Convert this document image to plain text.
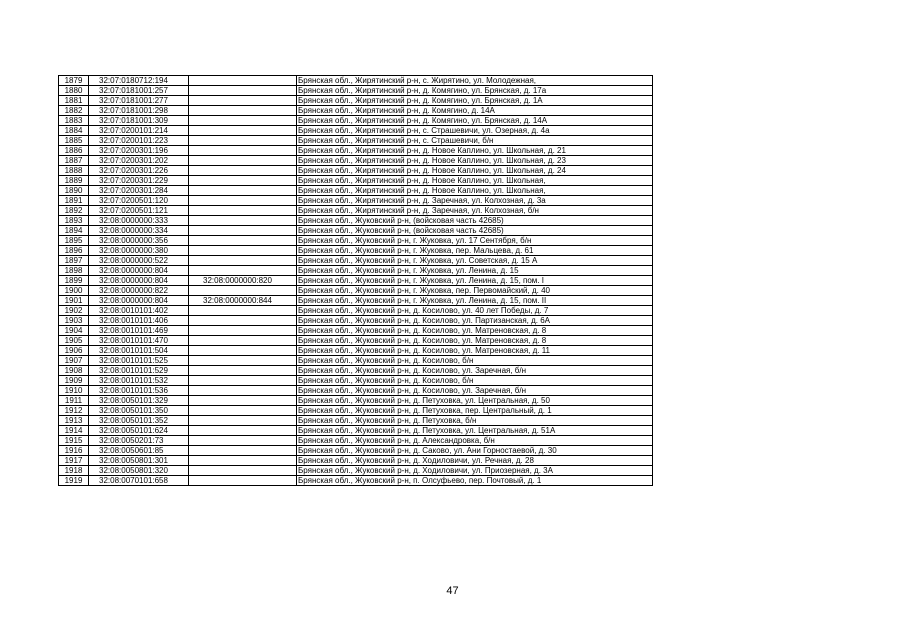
1879	32:07:0180712:194		Брянская обл., Жирятинский р-н, с. Жирятино, ул. Молодежная,
1880	32:07:0181001:257		Брянская обл., Жирятинский р-н, д. Комягино, ул. Брянская, д. 17а
1881	32:07:0181001:277		Брянская обл., Жирятинский р-н, д. Комягино, ул. Брянская, д. 1А
1882	32:07:0181001:298		Брянская обл., Жирятинский р-н, д. Комягино, д. 14А
1883	32:07:0181001:309		Брянская обл., Жирятинский р-н, д. Комягино, ул. Брянская, д. 14А
1884	32:07:0200101:214		Брянская обл., Жирятинский р-н, с. Страшевичи, ул. Озерная, д. 4а
1885	32:07:0200101:223		Брянская обл., Жирятинский р-н, с. Страшевичи, б/н
1886	32:07:0200301:196		Брянская обл., Жирятинский р-н, д. Новое Каплино, ул. Школьная, д. 21
1887	32:07:0200301:202		Брянская обл., Жирятинский р-н, д. Новое Каплино, ул. Школьная, д. 23
1888	32:07:0200301:226		Брянская обл., Жирятинский р-н, д. Новое Каплино, ул. Школьная, д. 24
1889	32:07:0200301:229		Брянская обл., Жирятинский р-н, д. Новое Каплино, ул. Школьная,
1890	32:07:0200301:284		Брянская обл., Жирятинский р-н, д. Новое Каплино, ул. Школьная,
1891	32:07:0200501:120		Брянская обл., Жирятинский р-н, д. Заречная, ул. Колхозная, д. 3а
1892	32:07:0200501:121		Брянская обл., Жирятинский р-н, д. Заречная, ул. Колхозная, б/н
1893	32:08:0000000:333		Брянская обл., Жуковский р-н, (войсковая часть 42685)
1894	32:08:0000000:334		Брянская обл., Жуковский р-н, (войсковая часть 42685)
1895	32:08:0000000:356		Брянская обл., Жуковский р-н, г. Жуковка, ул. 17 Сентября, б/н
1896	32:08:0000000:380		Брянская обл., Жуковский р-н, г. Жуковка, пер. Мальцева, д. 61
1897	32:08:0000000:522		Брянская обл., Жуковский р-н, г. Жуковка, ул. Советская, д. 15 А
1898	32:08:0000000:804		Брянская обл., Жуковский р-н, г. Жуковка, ул. Ленина, д. 15
1899	32:08:0000000:804	32:08:0000000:820	Брянская обл., Жуковский р-н, г. Жуковка, ул. Ленина, д. 15, пом. I
1900	32:08:0000000:822		Брянская обл., Жуковский р-н, г. Жуковка, пер. Первомайский, д. 40
1901	32:08:0000000:804	32:08:0000000:844	Брянская обл., Жуковский р-н, г. Жуковка, ул. Ленина, д. 15, пом. II
1902	32:08:0010101:402		Брянская обл., Жуковский р-н, д. Косилово, ул. 40 лет Победы, д. 7
1903	32:08:0010101:406		Брянская обл., Жуковский р-н, д. Косилово, ул. Партизанская, д. 6А
1904	32:08:0010101:469		Брянская обл., Жуковский р-н, д. Косилово, ул. Матреновская, д. 8
1905	32:08:0010101:470		Брянская обл., Жуковский р-н, д. Косилово, ул. Матреновская, д. 8
1906	32:08:0010101:504		Брянская обл., Жуковский р-н, д. Косилово, ул. Матреновская, д. 11
1907	32:08:0010101:525		Брянская обл., Жуковский р-н, д. Косилово, б/н
1908	32:08:0010101:529		Брянская обл., Жуковский р-н, д. Косилово, ул. Заречная, б/н
1909	32:08:0010101:532		Брянская обл., Жуковский р-н, д. Косилово, б/н
1910	32:08:0010101:536		Брянская обл., Жуковский р-н, д. Косилово, ул. Заречная, б/н
1911	32:08:0050101:329		Брянская обл., Жуковский р-н, д. Петуховка, ул. Центральная, д. 50
1912	32:08:0050101:350		Брянская обл., Жуковский р-н, д. Петуховка, пер. Центральный, д. 1
1913	32:08:0050101:352		Брянская обл., Жуковский р-н, д. Петуховка, б/н
1914	32:08:0050101:624		Брянская обл., Жуковский р-н, д. Петуховка, ул. Центральная, д. 51А
1915	32:08:0050201:73		Брянская обл., Жуковский р-н, д. Александровка, б/н
1916	32:08:0050601:85		Брянская обл., Жуковский р-н, д. Саково, ул. Ани Горностаевой, д. 30
1917	32:08:0050801:301		Брянская обл., Жуковский р-н, д. Ходиловичи, ул. Речная, д. 28
1918	32:08:0050801:320		Брянская обл., Жуковский р-н, д. Ходиловичи, ул. Приозерная, д. 3А
1919	32:08:0070101:658		Брянская обл., Жуковский р-н, п. Олсуфьево, пер. Почтовый, д. 1
47
